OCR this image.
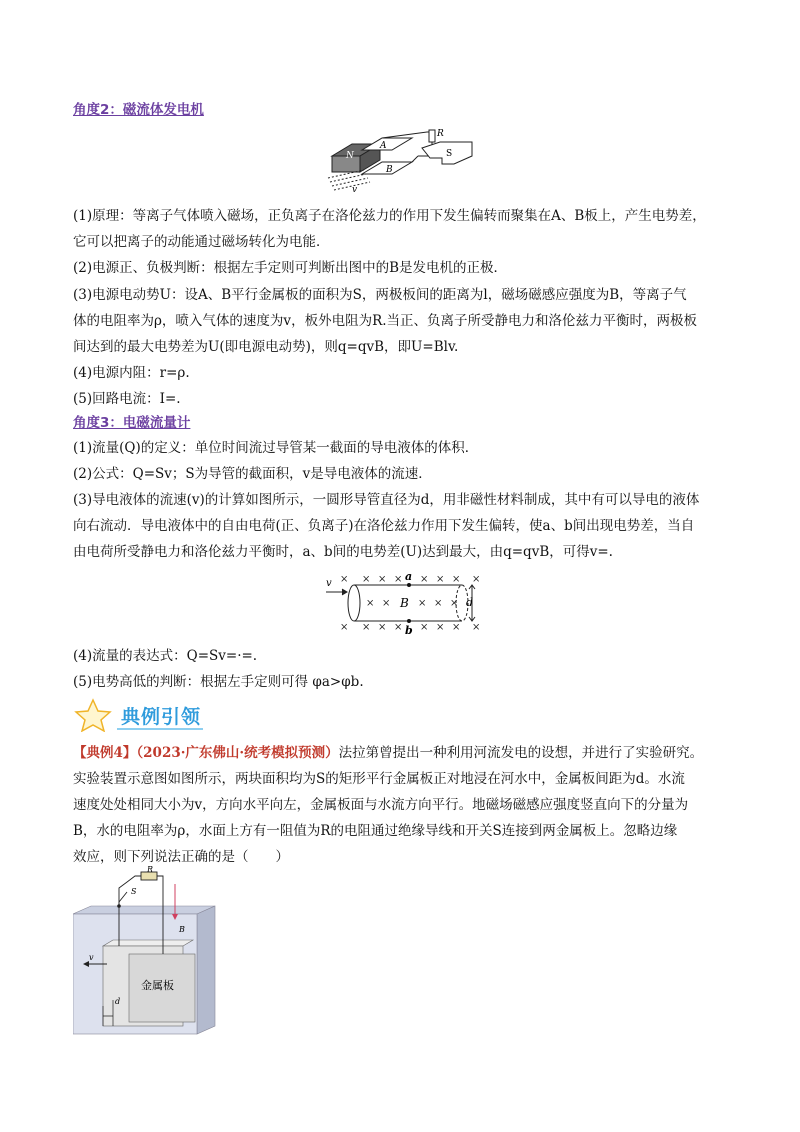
角度2：磁流体发电机
N
A
B
R
S
v
(1)原理：等离子气体喷入磁场，正负离子在洛伦兹力的作用下发生偏转而聚集在A、B板上，产生电势差，
它可以把离子的动能通过磁场转化为电能．
(2)电源正、负极判断：根据左手定则可判断出图中的B是发电机的正极．
(3)电源电动势U：设A、B平行金属板的面积为S，两极板间的距离为l，磁场磁感应强度为B，等离子气
体的电阻率为ρ，喷入气体的速度为v，板外电阻为R.当正、负离子所受静电力和洛伦兹力平衡时，两极板
间达到的最大电势差为U(即电源电动势)，则q=qvB，即U=Blv.
(4)电源内阻：r=ρ.
(5)回路电流：I=.
角度3：电磁流量计
(1)流量(Q)的定义：单位时间流过导管某一截面的导电液体的体积．
(2)公式：Q=Sv；S为导管的截面积，v是导电液体的流速．
(3)导电液体的流速(v)的计算如图所示，一圆形导管直径为d，用非磁性材料制成，其中有可以导电的液体
向右流动．导电液体中的自由电荷(正、负离子)在洛伦兹力作用下发生偏转，使a、b间出现电势差，当自
由电荷所受静电力和洛伦兹力平衡时，a、b间的电势差(U)达到最大，由q=qvB，可得v=.
v
a
b
B	d
× × × × × × × ×
× ×	× × ×
× × × × × × × ×
(4)流量的表达式：Q=Sv=·=.
(5)电势高低的判断：根据左手定则可得 φa>φb.
典例引领
【典例4】（2023·广东佛山·统考模拟预测）法拉第曾提出一种利用河流发电的设想，并进行了实验研究。
实验装置示意图如图所示，两块面积均为S的矩形平行金属板正对地浸在河水中，金属板间距为d。水流
速度处处相同大小为v，方向水平向左，金属板面与水流方向平行。地磁场磁感应强度竖直向下的分量为
B，水的电阻率为ρ，水面上方有一阻值为R的电阻通过绝缘导线和开关S连接到两金属板上。忽略边缘
效应，则下列说法正确的是（　　）
R
S
B
v
d
金属板
